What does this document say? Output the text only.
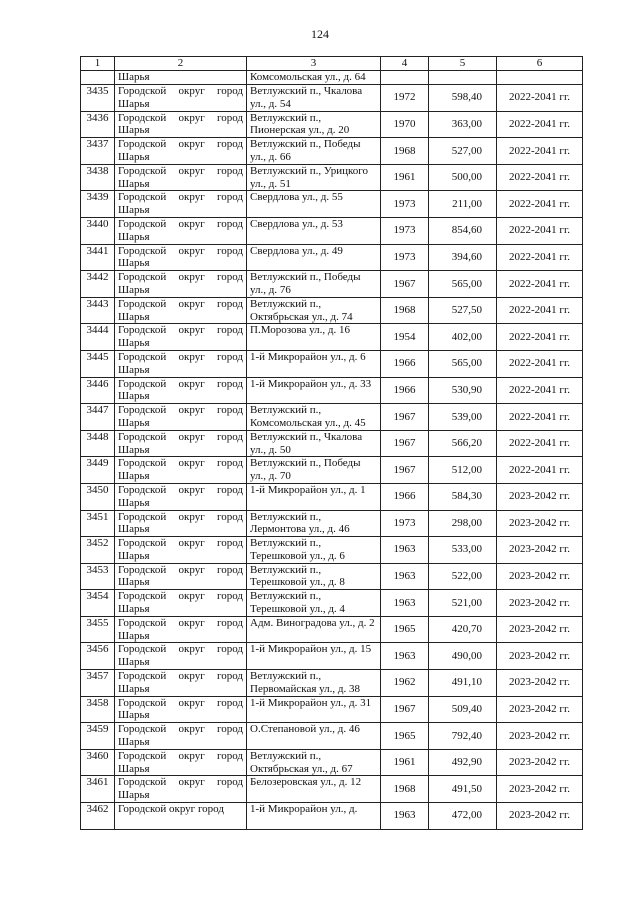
124
1	2	3	4	5	6
	Шарья	Комсомольская ул., д. 64			
3435	Городской округ город Шарья	Ветлужский п., Чкалова ул., д. 54	1972	598,40	2022-2041 гг.
3436	Городской округ город Шарья	Ветлужский п., Пионерская ул., д. 20	1970	363,00	2022-2041 гг.
3437	Городской округ город Шарья	Ветлужский п., Победы ул., д. 66	1968	527,00	2022-2041 гг.
3438	Городской округ город Шарья	Ветлужский п., Урицкого ул., д. 51	1961	500,00	2022-2041 гг.
3439	Городской округ город Шарья	Свердлова ул., д. 55	1973	211,00	2022-2041 гг.
3440	Городской округ город Шарья	Свердлова ул., д. 53	1973	854,60	2022-2041 гг.
3441	Городской округ город Шарья	Свердлова ул., д. 49	1973	394,60	2022-2041 гг.
3442	Городской округ город Шарья	Ветлужский п., Победы ул., д. 76	1967	565,00	2022-2041 гг.
3443	Городской округ город Шарья	Ветлужский п., Октябрьская ул., д. 74	1968	527,50	2022-2041 гг.
3444	Городской округ город Шарья	П.Морозова ул., д. 16	1954	402,00	2022-2041 гг.
3445	Городской округ город Шарья	1-й Микрорайон ул., д. 6	1966	565,00	2022-2041 гг.
3446	Городской округ город Шарья	1-й Микрорайон ул., д. 33	1966	530,90	2022-2041 гг.
3447	Городской округ город Шарья	Ветлужский п., Комсомольская ул., д. 45	1967	539,00	2022-2041 гг.
3448	Городской округ город Шарья	Ветлужский п., Чкалова ул., д. 50	1967	566,20	2022-2041 гг.
3449	Городской округ город Шарья	Ветлужский п., Победы ул., д. 70	1967	512,00	2022-2041 гг.
3450	Городской округ город Шарья	1-й Микрорайон ул., д. 1	1966	584,30	2023-2042 гг.
3451	Городской округ город Шарья	Ветлужский п., Лермонтова ул., д. 46	1973	298,00	2023-2042 гг.
3452	Городской округ город Шарья	Ветлужский п., Терешковой ул., д. 6	1963	533,00	2023-2042 гг.
3453	Городской округ город Шарья	Ветлужский п., Терешковой ул., д. 8	1963	522,00	2023-2042 гг.
3454	Городской округ город Шарья	Ветлужский п., Терешковой ул., д. 4	1963	521,00	2023-2042 гг.
3455	Городской округ город Шарья	Адм. Виноградова ул., д. 2	1965	420,70	2023-2042 гг.
3456	Городской округ город Шарья	1-й Микрорайон ул., д. 15	1963	490,00	2023-2042 гг.
3457	Городской округ город Шарья	Ветлужский п., Первомайская ул., д. 38	1962	491,10	2023-2042 гг.
3458	Городской округ город Шарья	1-й Микрорайон ул., д. 31	1967	509,40	2023-2042 гг.
3459	Городской округ город Шарья	О.Степановой ул., д. 46	1965	792,40	2023-2042 гг.
3460	Городской округ город Шарья	Ветлужский п., Октябрьская ул., д. 67	1961	492,90	2023-2042 гг.
3461	Городской округ город Шарья	Белозеровская ул., д. 12	1968	491,50	2023-2042 гг.
3462	Городской округ город	1-й Микрорайон ул., д.	1963	472,00	2023-2042 гг.
